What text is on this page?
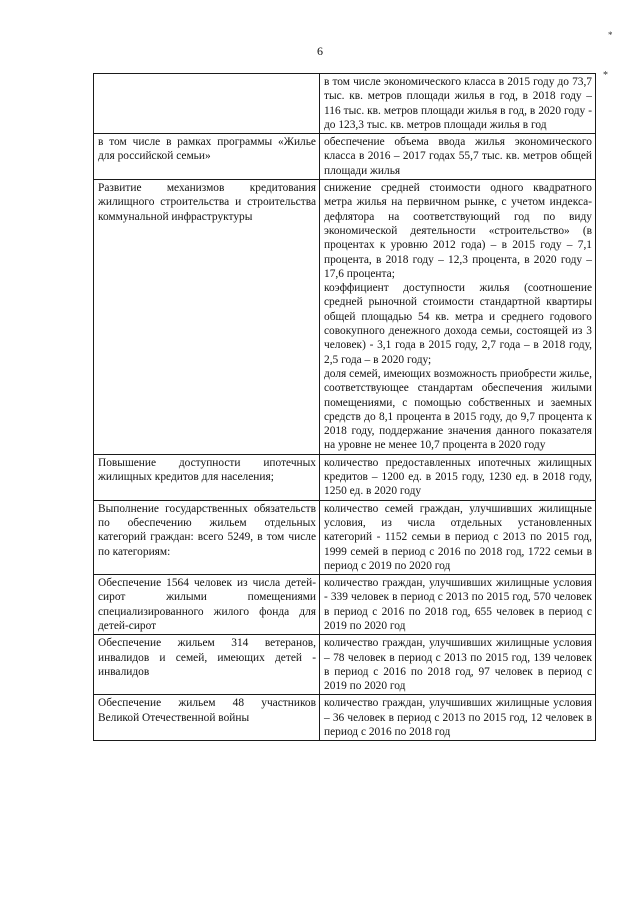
6
*
*

	в том числе экономического класса в 2015 году до 73,7 тыс. кв. метров площади жилья в год, в 2018 году – 116 тыс. кв. метров площади жилья в год, в 2020 году - до 123,3 тыс. кв. метров площади жилья в год

в том числе в рамках программы «Жилье для российской семьи»	обеспечение объема ввода жилья экономического класса в 2016 – 2017 годах 55,7 тыс. кв. метров общей площади жилья

Развитие механизмов кредитования жилищного строительства и строительства коммунальной инфраструктуры	снижение средней стоимости одного квадратного метра жилья на первичном рынке, с учетом индекса-дефлятора на соответствующий год по виду экономической деятельности «строительство» (в процентах к уровню 2012 года) – в 2015 году – 7,1 процента, в 2018 году – 12,3 процента, в 2020 году – 17,6 процента;
коэффициент доступности жилья (соотношение средней рыночной стоимости стандартной квартиры общей площадью 54 кв. метра и среднего годового совокупного денежного дохода семьи, состоящей из 3 человек) - 3,1 года в 2015 году, 2,7 года – в 2018 году, 2,5 года – в 2020 году;
доля семей, имеющих возможность приобрести жилье, соответствующее стандартам обеспечения жилыми помещениями, с помощью собственных и заемных средств до 8,1 процента в 2015 году, до 9,7 процента к 2018 году, поддержание значения данного показателя на уровне не менее 10,7 процента в 2020 году

Повышение доступности ипотечных жилищных кредитов для населения;	количество предоставленных ипотечных жилищных кредитов – 1200 ед. в 2015 году, 1230 ед. в 2018 году, 1250 ед. в 2020 году

Выполнение государственных обязательств по обеспечению жильем отдельных категорий граждан: всего 5249, в том числе по категориям:	количество семей граждан, улучшивших жилищные условия, из числа отдельных установленных категорий - 1152 семьи в период с 2013 по 2015 год, 1999 семей в период с 2016 по 2018 год, 1722 семьи в период с 2019 по 2020 год

Обеспечение 1564 человек из числа детей-сирот жилыми помещениями специализированного жилого фонда для детей-сирот	количество граждан, улучшивших жилищные условия - 339 человек в период с 2013 по 2015 год, 570 человек в период с 2016 по 2018 год, 655 человек в период с 2019 по 2020 год

Обеспечение жильем 314 ветеранов, инвалидов и семей, имеющих детей - инвалидов	количество граждан, улучшивших жилищные условия – 78 человек в период с 2013 по 2015 год, 139 человек в период с 2016 по 2018 год, 97 человек в период с 2019 по 2020 год

Обеспечение жильем 48 участников Великой Отечественной войны	количество граждан, улучшивших жилищные условия – 36 человек в период с 2013 по 2015 год, 12 человек в период с 2016 по 2018 год
